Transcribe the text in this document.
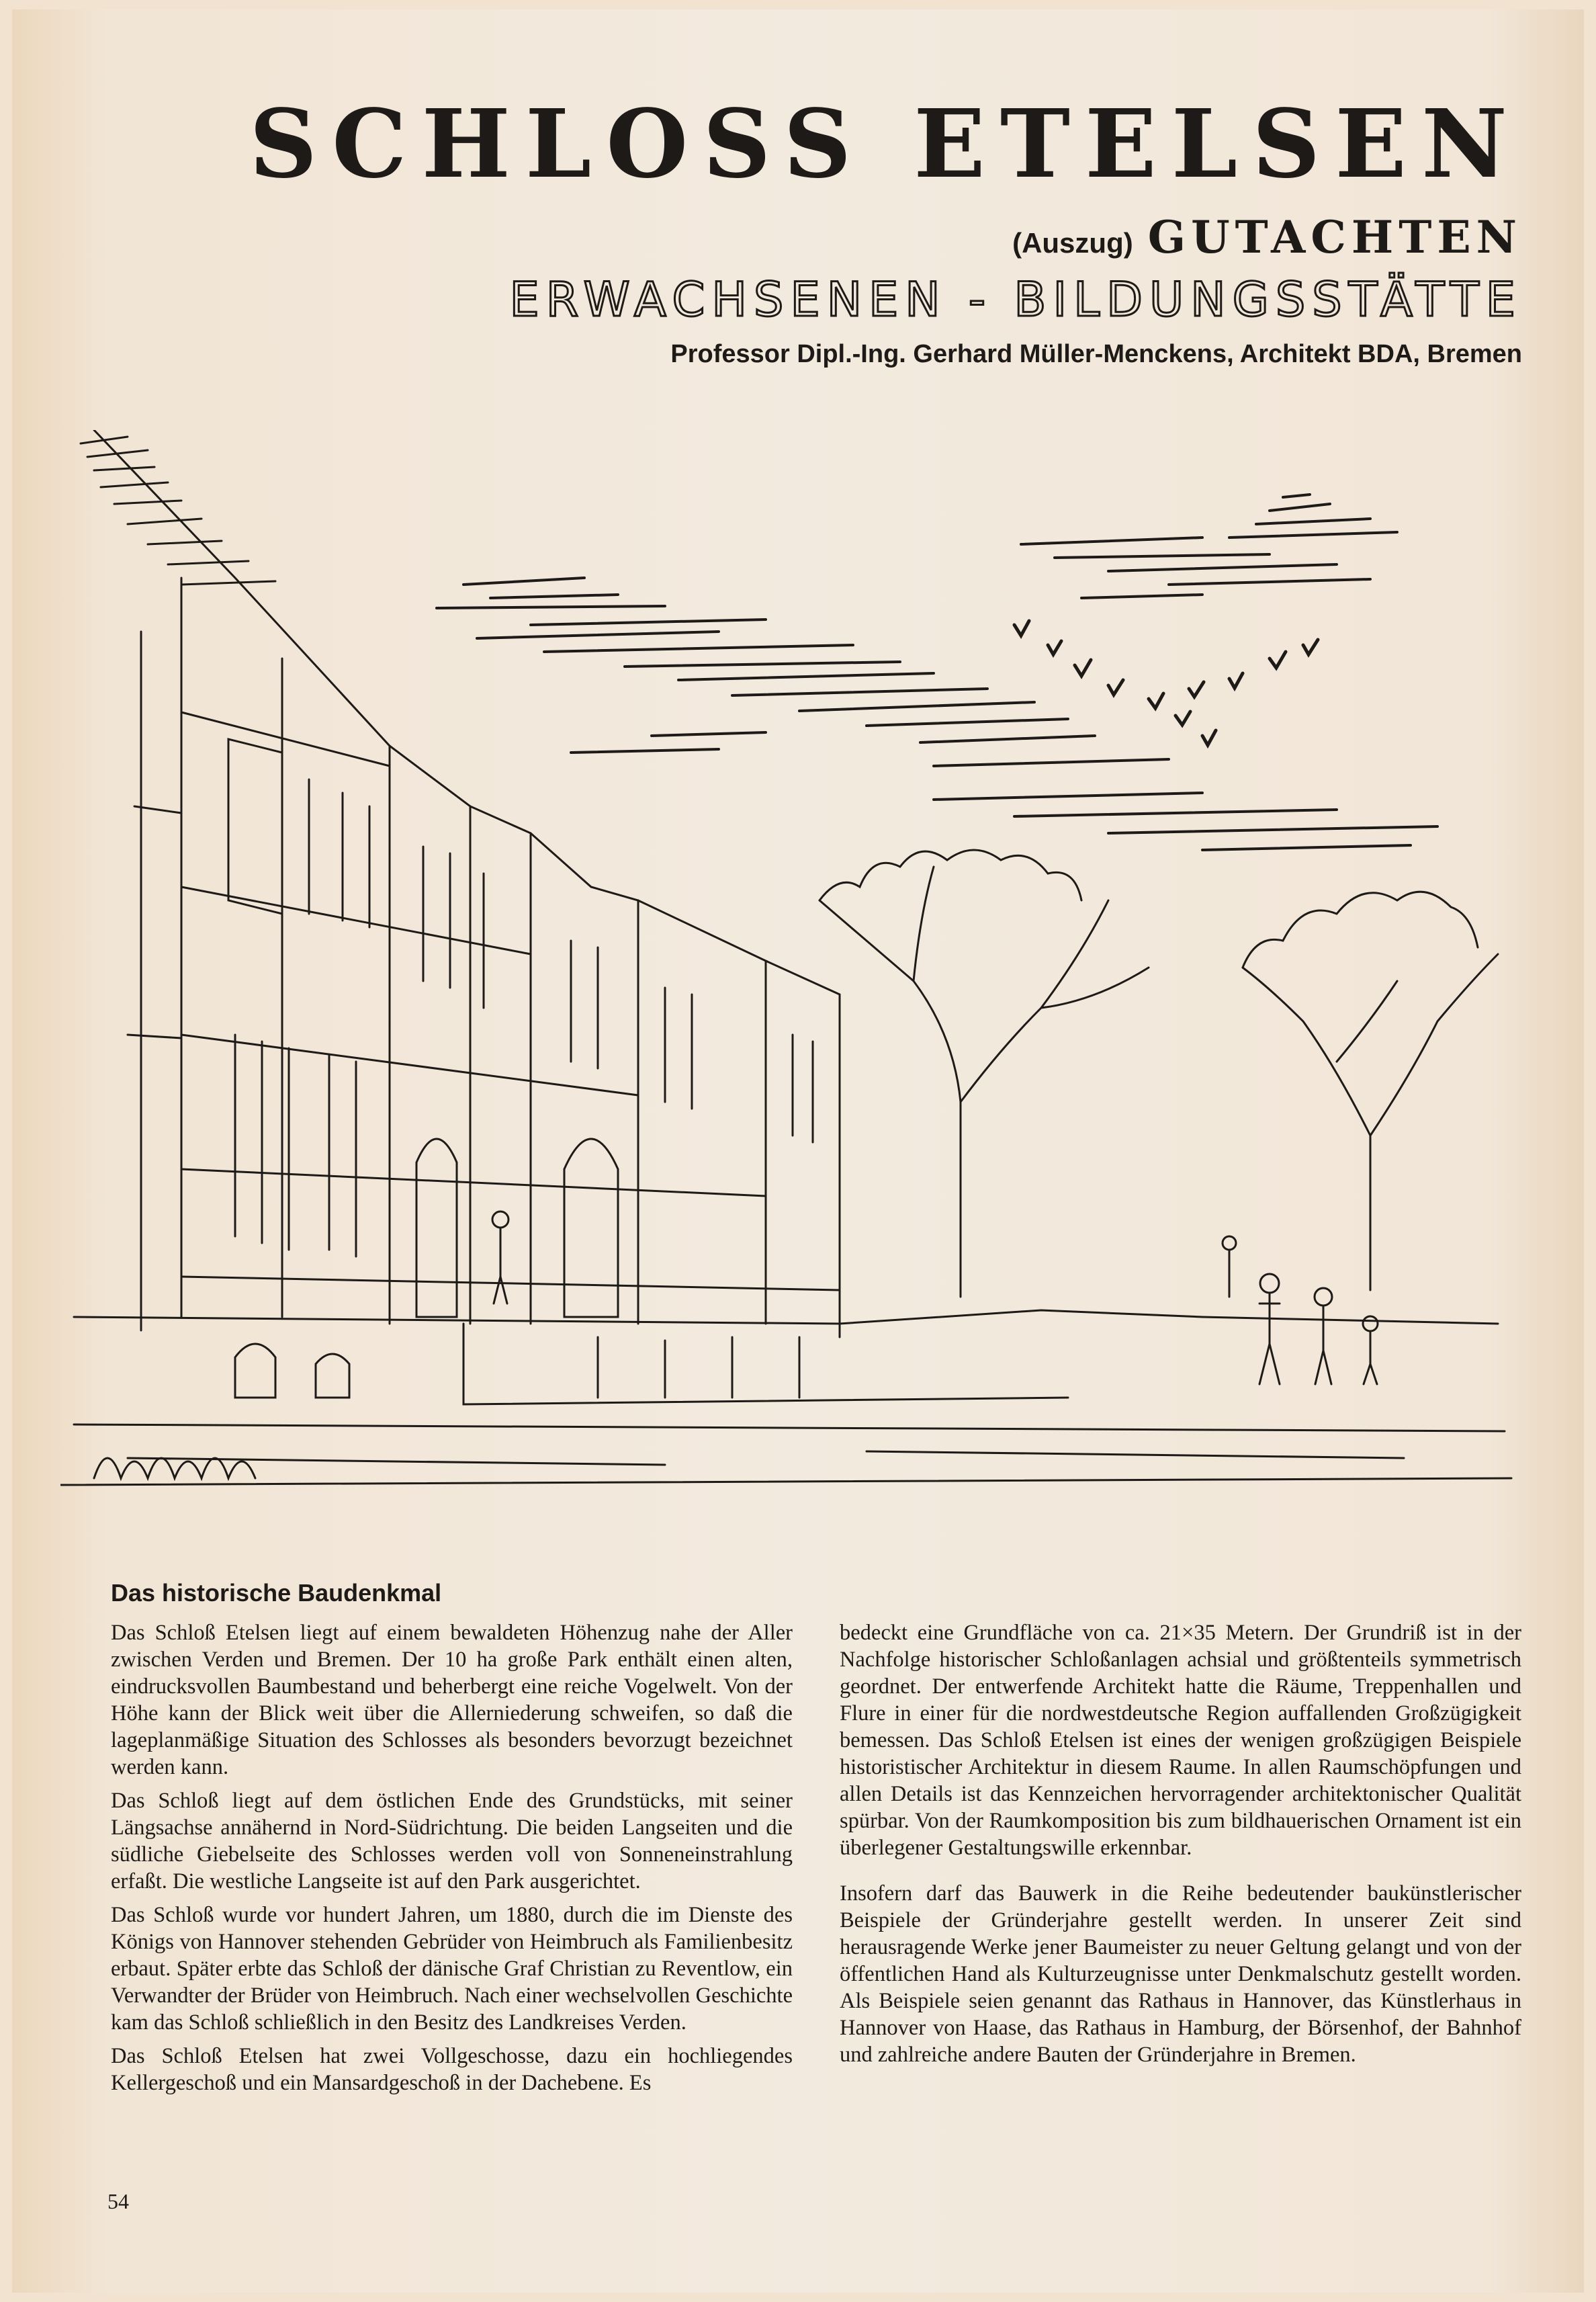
SCHLOSS ETELSEN
(Auszug) GUTACHTEN
ERWACHSENEN - BILDUNGSSTÄTTE
Professor Dipl.-Ing. Gerhard Müller-Menckens, Architekt BDA, Bremen
Das historische Baudenkmal

Das Schloß Etelsen liegt auf einem bewaldeten Höhenzug nahe der Aller zwischen Verden und Bremen. Der 10 ha große Park enthält einen alten, eindrucksvollen Baumbestand und beherbergt eine reiche Vogelwelt. Von der Höhe kann der Blick weit über die Allerniederung schweifen, so daß die lageplanmäßige Situation des Schlosses als besonders bevorzugt bezeichnet werden kann.

Das Schloß liegt auf dem östlichen Ende des Grundstücks, mit seiner Längsachse annähernd in Nord-Südrichtung. Die beiden Langseiten und die südliche Giebelseite des Schlosses werden voll von Sonneneinstrahlung erfaßt. Die westliche Langseite ist auf den Park ausgerichtet.

Das Schloß wurde vor hundert Jahren, um 1880, durch die im Dienste des Königs von Hannover stehenden Gebrüder von Heimbruch als Familienbesitz erbaut. Später erbte das Schloß der dänische Graf Christian zu Reventlow, ein Verwandter der Brüder von Heimbruch. Nach einer wechselvollen Geschichte kam das Schloß schließlich in den Besitz des Landkreises Verden.

Das Schloß Etelsen hat zwei Vollgeschosse, dazu ein hochliegendes Kellergeschoß und ein Mansardgeschoß in der Dachebene. Es

bedeckt eine Grundfläche von ca. 21×35 Metern. Der Grundriß ist in der Nachfolge historischer Schloßanlagen achsial und größtenteils symmetrisch geordnet. Der entwerfende Architekt hatte die Räume, Treppenhallen und Flure in einer für die nordwestdeutsche Region auffallenden Großzügigkeit bemessen. Das Schloß Etelsen ist eines der wenigen großzügigen Beispiele historistischer Architektur in diesem Raume. In allen Raumschöpfungen und allen Details ist das Kennzeichen hervorragender architektonischer Qualität spürbar. Von der Raumkomposition bis zum bildhauerischen Ornament ist ein überlegener Gestaltungswille erkennbar.

Insofern darf das Bauwerk in die Reihe bedeutender baukünstlerischer Beispiele der Gründerjahre gestellt werden. In unserer Zeit sind herausragende Werke jener Baumeister zu neuer Geltung gelangt und von der öffentlichen Hand als Kulturzeugnisse unter Denkmalschutz gestellt worden. Als Beispiele seien genannt das Rathaus in Hannover, das Künstlerhaus in Hannover von Haase, das Rathaus in Hamburg, der Börsenhof, der Bahnhof und zahlreiche andere Bauten der Gründerjahre in Bremen.

54
